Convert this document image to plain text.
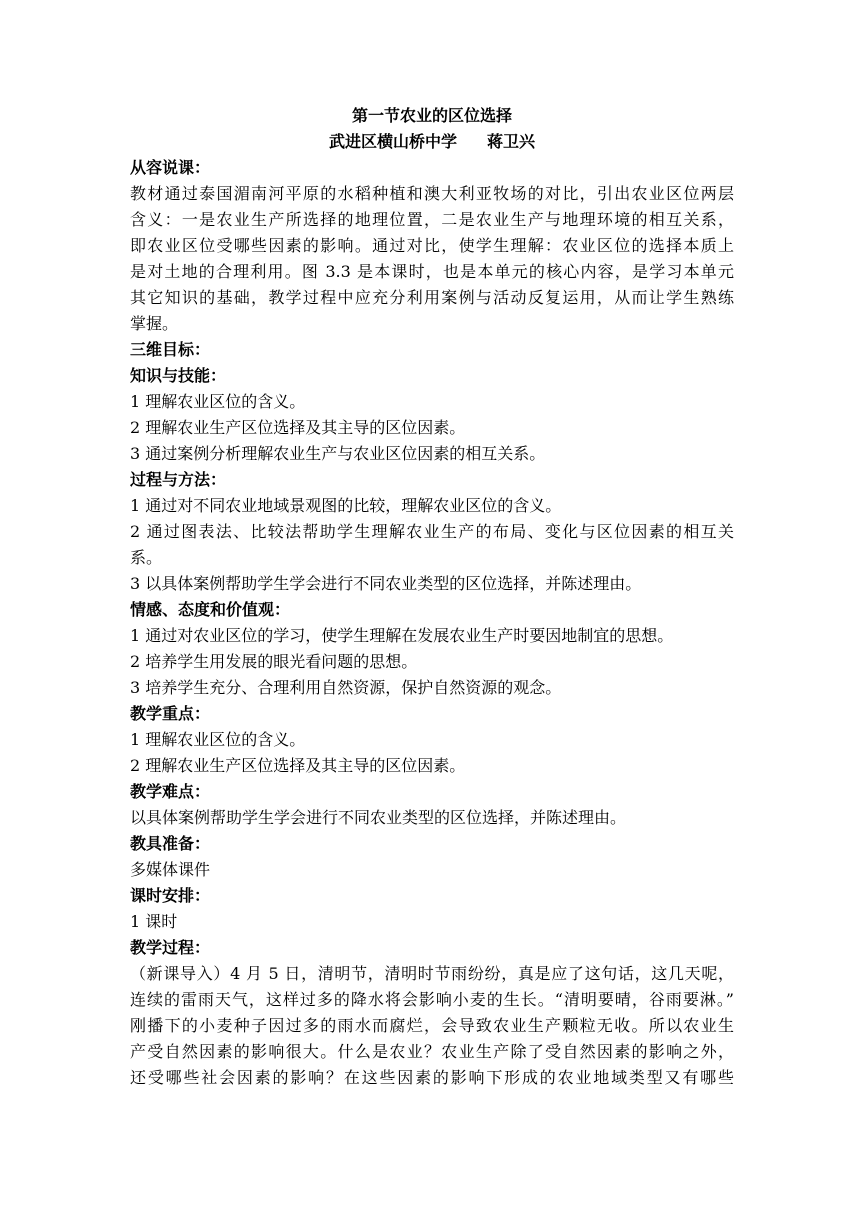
第一节农业的区位选择
武进区横山桥中学 蒋卫兴
从容说课：
教材通过泰国湄南河平原的水稻种植和澳大利亚牧场的对比，引出农业区位两层
含义：一是农业生产所选择的地理位置，二是农业生产与地理环境的相互关系，
即农业区位受哪些因素的影响。通过对比，使学生理解：农业区位的选择本质上
是对土地的合理利用。图 3.3 是本课时，也是本单元的核心内容，是学习本单元
其它知识的基础，教学过程中应充分利用案例与活动反复运用，从而让学生熟练
掌握。
三维目标：
知识与技能：
1 理解农业区位的含义。
2 理解农业生产区位选择及其主导的区位因素。
3 通过案例分析理解农业生产与农业区位因素的相互关系。
过程与方法：
1 通过对不同农业地域景观图的比较，理解农业区位的含义。
2 通过图表法、比较法帮助学生理解农业生产的布局、变化与区位因素的相互关
系。
3 以具体案例帮助学生学会进行不同农业类型的区位选择，并陈述理由。
情感、态度和价值观：
1 通过对农业区位的学习，使学生理解在发展农业生产时要因地制宜的思想。
2 培养学生用发展的眼光看问题的思想。
3 培养学生充分、合理利用自然资源，保护自然资源的观念。
教学重点：
1 理解农业区位的含义。
2 理解农业生产区位选择及其主导的区位因素。
教学难点：
以具体案例帮助学生学会进行不同农业类型的区位选择，并陈述理由。
教具准备：
多媒体课件
课时安排：
1 课时
教学过程：
（新课导入）4 月 5 日，清明节，清明时节雨纷纷，真是应了这句话，这几天呢，
连续的雷雨天气，这样过多的降水将会影响小麦的生长。“清明要晴，谷雨要淋。”
刚播下的小麦种子因过多的雨水而腐烂，会导致农业生产颗粒无收。所以农业生
产受自然因素的影响很大。什么是农业？农业生产除了受自然因素的影响之外，
还受哪些社会因素的影响？在这些因素的影响下形成的农业地域类型又有哪些
